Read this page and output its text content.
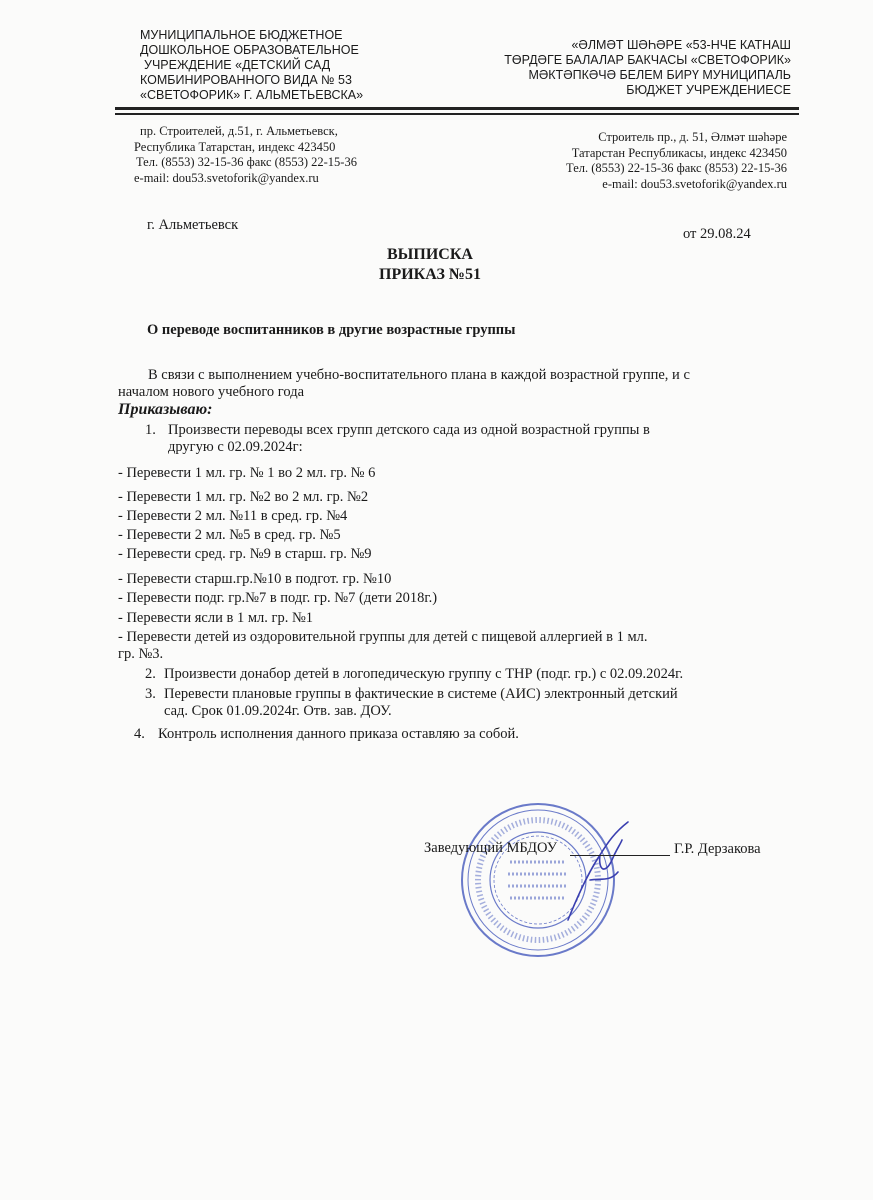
МУНИЦИПАЛЬНОЕ БЮДЖЕТНОЕ
ДОШКОЛЬНОЕ ОБРАЗОВАТЕЛЬНОЕ
УЧРЕЖДЕНИЕ «ДЕТСКИЙ САД
КОМБИНИРОВАННОГО ВИДА № 53
«СВЕТОФОРИК» Г. АЛЬМЕТЬЕВСКА»
«ӘЛМӘТ ШӘҺӘРЕ «53-НЧЕ КАТНАШ
ТӨРДӘГЕ БАЛАЛАР БАКЧАСЫ «СВЕТОФОРИК»
МӘКТӘПКӘЧӘ БЕЛЕМ БИРҮ МУНИЦИПАЛЬ
БЮДЖЕТ УЧРЕЖДЕНИЕСЕ
пр. Строителей, д.51, г. Альметьевск,
Республика Татарстан, индекс 423450
Тел. (8553) 32-15-36 факс (8553) 22-15-36
e-mail: dou53.svetoforik@yandex.ru
Строитель пр., д. 51, Әлмәт шәһәре
Татарстан Республикасы, индекс 423450
Тел. (8553) 22-15-36 факс (8553) 22-15-36
e-mail: dou53.svetoforik@yandex.ru
г. Альметьевск
от 29.08.24
ВЫПИСКА
ПРИКАЗ №51
О переводе воспитанников в другие возрастные группы
В связи с выполнением учебно-воспитательного плана в каждой возрастной группе, и с
началом нового учебного года
Приказываю:
1. Произвести переводы всех групп детского сада из одной возрастной группы в
другую с 02.09.2024г:
- Перевести 1 мл. гр. № 1 во 2 мл. гр. № 6
- Перевести 1 мл. гр. №2 во 2 мл. гр. №2
- Перевести 2 мл. №11 в сред. гр. №4
- Перевести 2 мл. №5 в сред. гр. №5
- Перевести сред. гр. №9 в старш. гр. №9
- Перевести старш.гр.№10 в подгот. гр. №10
- Перевести подг. гр.№7 в подг. гр. №7 (дети 2018г.)
- Перевести ясли в 1 мл. гр. №1
- Перевести детей из оздоровительной группы для детей с пищевой аллергией в 1 мл.
гр. №3.
2. Произвести донабор детей в логопедическую группу с ТНР (подг. гр.) с 02.09.2024г.
3. Перевести плановые группы в фактические в системе (АИС) электронный детский
сад. Срок 01.09.2024г. Отв. зав. ДОУ.
4. Контроль исполнения данного приказа оставляю за собой.
Заведующий МБДОУ	Г.Р. Дерзакова
